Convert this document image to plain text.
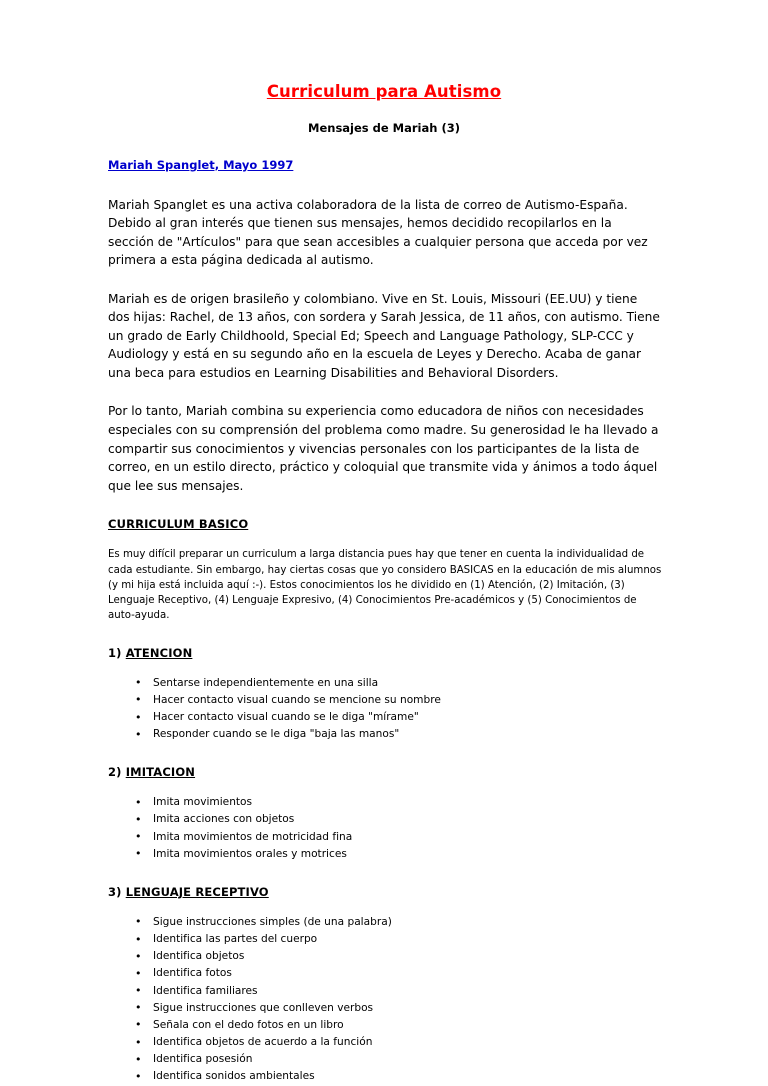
Curriculum para Autismo
Mensajes de Mariah (3)
Mariah Spanglet, Mayo 1997

Mariah Spanglet es una activa colaboradora de la lista de correo de Autismo-España. Debido al gran interés que tienen sus mensajes, hemos decidido recopilarlos en la sección de "Artículos" para que sean accesibles a cualquier persona que acceda por vez primera a esta página dedicada al autismo.

Mariah es de origen brasileño y colombiano. Vive en St. Louis, Missouri (EE.UU) y tiene dos hijas: Rachel, de 13 años, con sordera y Sarah Jessica, de 11 años, con autismo. Tiene un grado de Early Childhoold, Special Ed; Speech and Language Pathology, SLP-CCC y Audiology y está en su segundo año en la escuela de Leyes y Derecho. Acaba de ganar una beca para estudios en Learning Disabilities and Behavioral Disorders.

Por lo tanto, Mariah combina su experiencia como educadora de niños con necesidades especiales con su comprensión del problema como madre. Su generosidad le ha llevado a compartir sus conocimientos y vivencias personales con los participantes de la lista de correo, en un estilo directo, práctico y coloquial que transmite vida y ánimos a todo áquel que lee sus mensajes.

CURRICULUM BASICO

Es muy difícil preparar un curriculum a larga distancia pues hay que tener en cuenta la individualidad de cada estudiante. Sin embargo, hay ciertas cosas que yo considero BASICAS en la educación de mis alumnos (y mi hija está incluida aquí :-). Estos conocimientos los he dividido en (1) Atención, (2) Imitación, (3) Lenguaje Receptivo, (4) Lenguaje Expresivo, (4) Conocimientos Pre-académicos y (5) Conocimientos de auto-ayuda.

1) ATENCION
• Sentarse independientemente en una silla
• Hacer contacto visual cuando se mencione su nombre
• Hacer contacto visual cuando se le diga "mírame"
• Responder cuando se le diga "baja las manos"
2) IMITACION
• Imita movimientos
• Imita acciones con objetos
• Imita movimientos de motricidad fina
• Imita movimientos orales y motrices
3) LENGUAJE RECEPTIVO
• Sigue instrucciones simples (de una palabra)
• Identifica las partes del cuerpo
• Identifica objetos
• Identifica fotos
• Identifica familiares
• Sigue instrucciones que conlleven verbos
• Señala con el dedo fotos en un libro
• Identifica objetos de acuerdo a la función
• Identifica posesión
• Identifica sonidos ambientales
